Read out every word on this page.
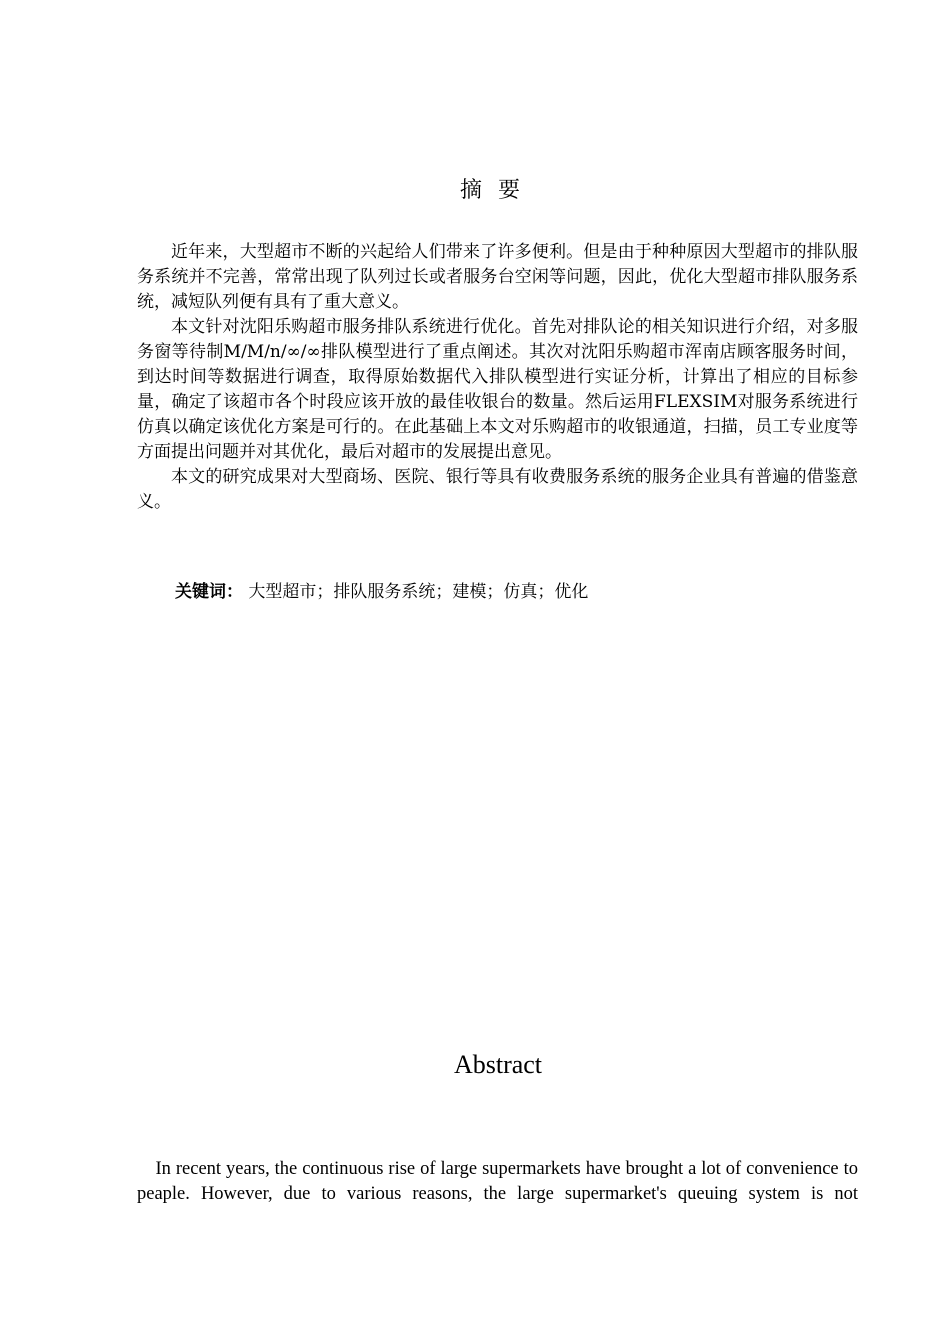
摘要

近年来，大型超市不断的兴起给人们带来了许多便利。但是由于种种原因大型超市的排队服务系统并不完善，常常出现了队列过长或者服务台空闲等问题，因此，优化大型超市排队服务系统，减短队列便有具有了重大意义。

本文针对沈阳乐购超市服务排队系统进行优化。首先对排队论的相关知识进行介绍，对多服务窗等待制M/M/n/∞/∞排队模型进行了重点阐述。其次对沈阳乐购超市浑南店顾客服务时间，到达时间等数据进行调查，取得原始数据代入排队模型进行实证分析，计算出了相应的目标参量，确定了该超市各个时段应该开放的最佳收银台的数量。然后运用FLEXSIM对服务系统进行仿真以确定该优化方案是可行的。在此基础上本文对乐购超市的收银通道，扫描，员工专业度等方面提出问题并对其优化，最后对超市的发展提出意见。

本文的研究成果对大型商场、医院、银行等具有收费服务系统的服务企业具有普遍的借鉴意义。

关键词： 大型超市；排队服务系统；建模；仿真；优化
Abstract

In recent years, the continuous rise of large supermarkets have brought a lot of convenience to peaple. However, due to various reasons, the large supermarket's queuing system is not
